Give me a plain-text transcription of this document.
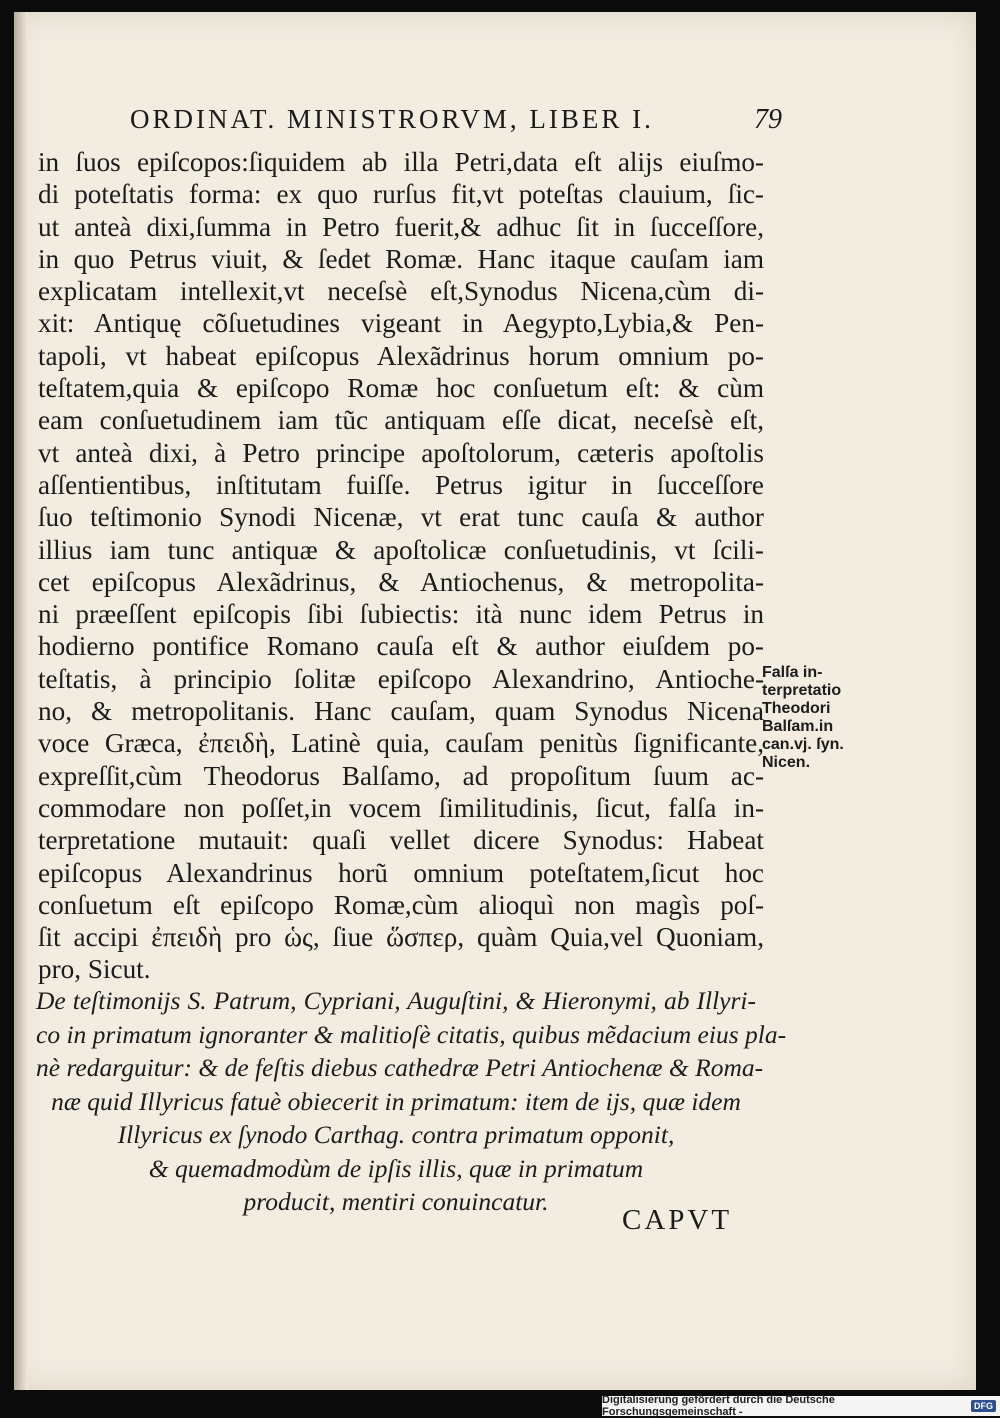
ORDINAT. MINISTRORVM, LIBER I.	79
in ſuos epiſcopos:ſiquidem ab illa Petri,data eſt alijs eiuſmo-
di poteſtatis forma: ex quo rurſus fit,vt poteſtas clauium, ſic-
ut anteà dixi,ſumma in Petro fuerit,& adhuc ſit in ſucceſſore,
in quo Petrus viuit, & ſedet Romæ. Hanc itaque cauſam iam
explicatam intellexit,vt neceſsè eſt,Synodus Nicena,cùm di-
xit: Antiquę cõſuetudines vigeant in Aegypto,Lybia,& Pen-
tapoli, vt habeat epiſcopus Alexãdrinus horum omnium po-
teſtatem,quia & epiſcopo Romæ hoc conſuetum eſt: & cùm
eam conſuetudinem iam tũc antiquam eſſe dicat, neceſsè eſt,
vt anteà dixi, à Petro principe apoſtolorum, cæteris apoſtolis
aſſentientibus, inſtitutam fuiſſe. Petrus igitur in ſucceſſore
ſuo teſtimonio Synodi Nicenæ, vt erat tunc cauſa & author
illius iam tunc antiquæ & apoſtolicæ conſuetudinis, vt ſcili-
cet epiſcopus Alexãdrinus, & Antiochenus, & metropolita-
ni præeſſent epiſcopis ſibi ſubiectis: ità nunc idem Petrus in
hodierno pontifice Romano cauſa eſt & author eiuſdem po-
teſtatis, à principio ſolitæ epiſcopo Alexandrino, Antioche-
no, & metropolitanis. Hanc cauſam, quam Synodus Nicena
voce Græca, ἐπειδὴ, Latinè quia, cauſam penitùs ſignificante,
expreſſit,cùm Theodorus Balſamo, ad propoſitum ſuum ac-
commodare non poſſet,in vocem ſimilitudinis, ſicut, falſa in-
terpretatione mutauit: quaſi vellet dicere Synodus: Habeat
epiſcopus Alexandrinus horũ omnium poteſtatem,ſicut hoc
conſuetum eſt epiſcopo Romæ,cùm alioquì non magìs poſ-
ſit accipi ἐπειδὴ pro ὡς, ſiue ὥσπερ, quàm Quia,vel Quoniam,
pro, Sicut.
Falſa in-
terpretatio
Theodori
Balſam.in
can.vj. ſyn.
Nicen.
De teſtimonijs S. Patrum, Cypriani, Auguſtini, & Hieronymi, ab Illyri-
co in primatum ignoranter & malitioſè citatis, quibus mẽdacium eius pla-
nè redarguitur: & de feſtis diebus cathedræ Petri Antiochenæ & Roma-
næ quid Illyricus fatuè obiecerit in primatum: item de ijs, quæ idem
Illyricus ex ſynodo Carthag. contra primatum opponit,
& quemadmodùm de ipſis illis, quæ in primatum
producit, mentiri conuincatur.
CAPVT
Digitalisierung gefördert durch die Deutsche Forschungsgemeinschaft -	DFG
